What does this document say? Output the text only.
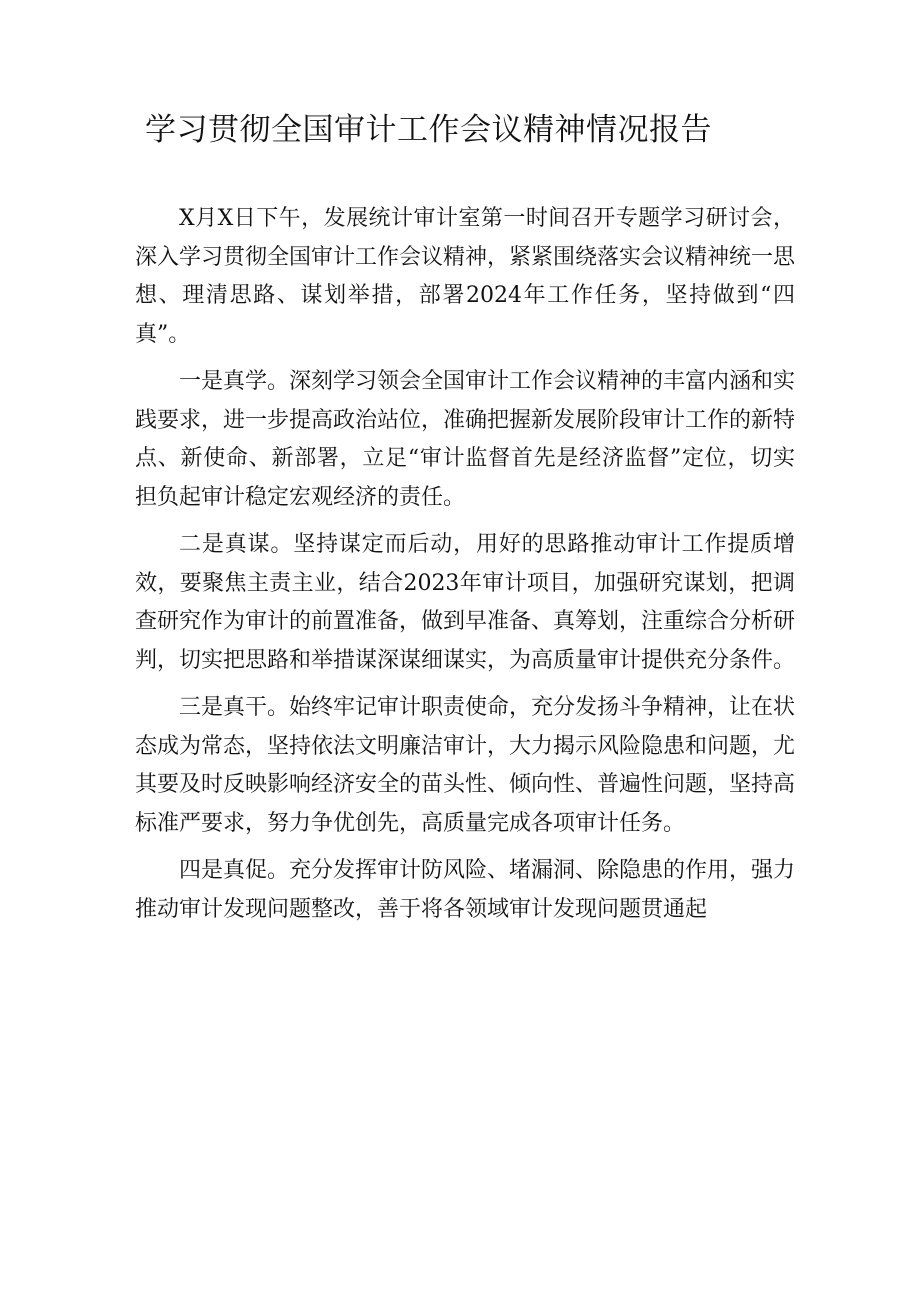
学习贯彻全国审计工作会议精神情况报告

X月X日下午，发展统计审计室第一时间召开专题学习研讨会，深入学习贯彻全国审计工作会议精神，紧紧围绕落实会议精神统一思想、理清思路、谋划举措，部署2024年工作任务，坚持做到“四真”。

一是真学。深刻学习领会全国审计工作会议精神的丰富内涵和实践要求，进一步提高政治站位，准确把握新发展阶段审计工作的新特点、新使命、新部署，立足“审计监督首先是经济监督”定位，切实担负起审计稳定宏观经济的责任。

二是真谋。坚持谋定而后动，用好的思路推动审计工作提质增效，要聚焦主责主业，结合2023年审计项目，加强研究谋划，把调查研究作为审计的前置准备，做到早准备、真筹划，注重综合分析研判，切实把思路和举措谋深谋细谋实，为高质量审计提供充分条件。

三是真干。始终牢记审计职责使命，充分发扬斗争精神，让在状态成为常态，坚持依法文明廉洁审计，大力揭示风险隐患和问题，尤其要及时反映影响经济安全的苗头性、倾向性、普遍性问题，坚持高标准严要求，努力争优创先，高质量完成各项审计任务。

四是真促。充分发挥审计防风险、堵漏洞、除隐患的作用，强力推动审计发现问题整改，善于将各领域审计发现问题贯通起
